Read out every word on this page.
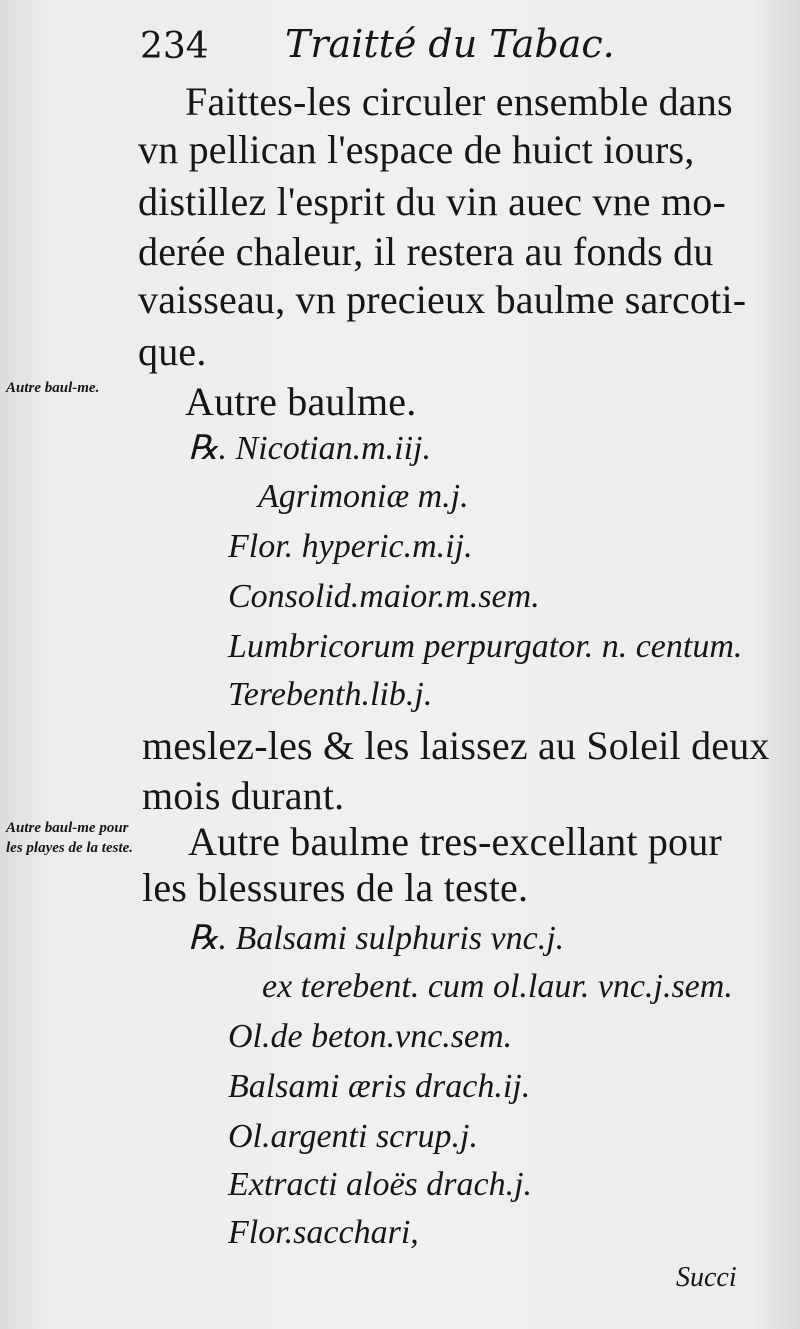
234 Traitté du Tabac.
Autre baul-me.
Autre baul-me pour les playes de la teste.
Faittes-les circuler ensemble dans
vn pellican l'espace de huict iours,
distillez l'esprit du vin auec vne mo-
derée chaleur, il restera au fonds du
vaisseau, vn precieux baulme sarcoti-
que.
Autre baulme.
℞. Nicotian.m.iij.
Agrimoniæ m.j.
Flor. hyperic.m.ij.
Consolid.maior.m.sem.
Lumbricorum perpurgator. n. centum.
Terebenth.lib.j.
meslez-les & les laissez au Soleil deux
mois durant.
Autre baulme tres-excellant pour
les blessures de la teste.
℞. Balsami sulphuris vnc.j.
ex terebent. cum ol.laur. vnc.j.sem.
Ol.de beton.vnc.sem.
Balsami æris drach.ij.
Ol.argenti scrup.j.
Extracti aloës drach.j.
Flor.sacchari,
Succi
